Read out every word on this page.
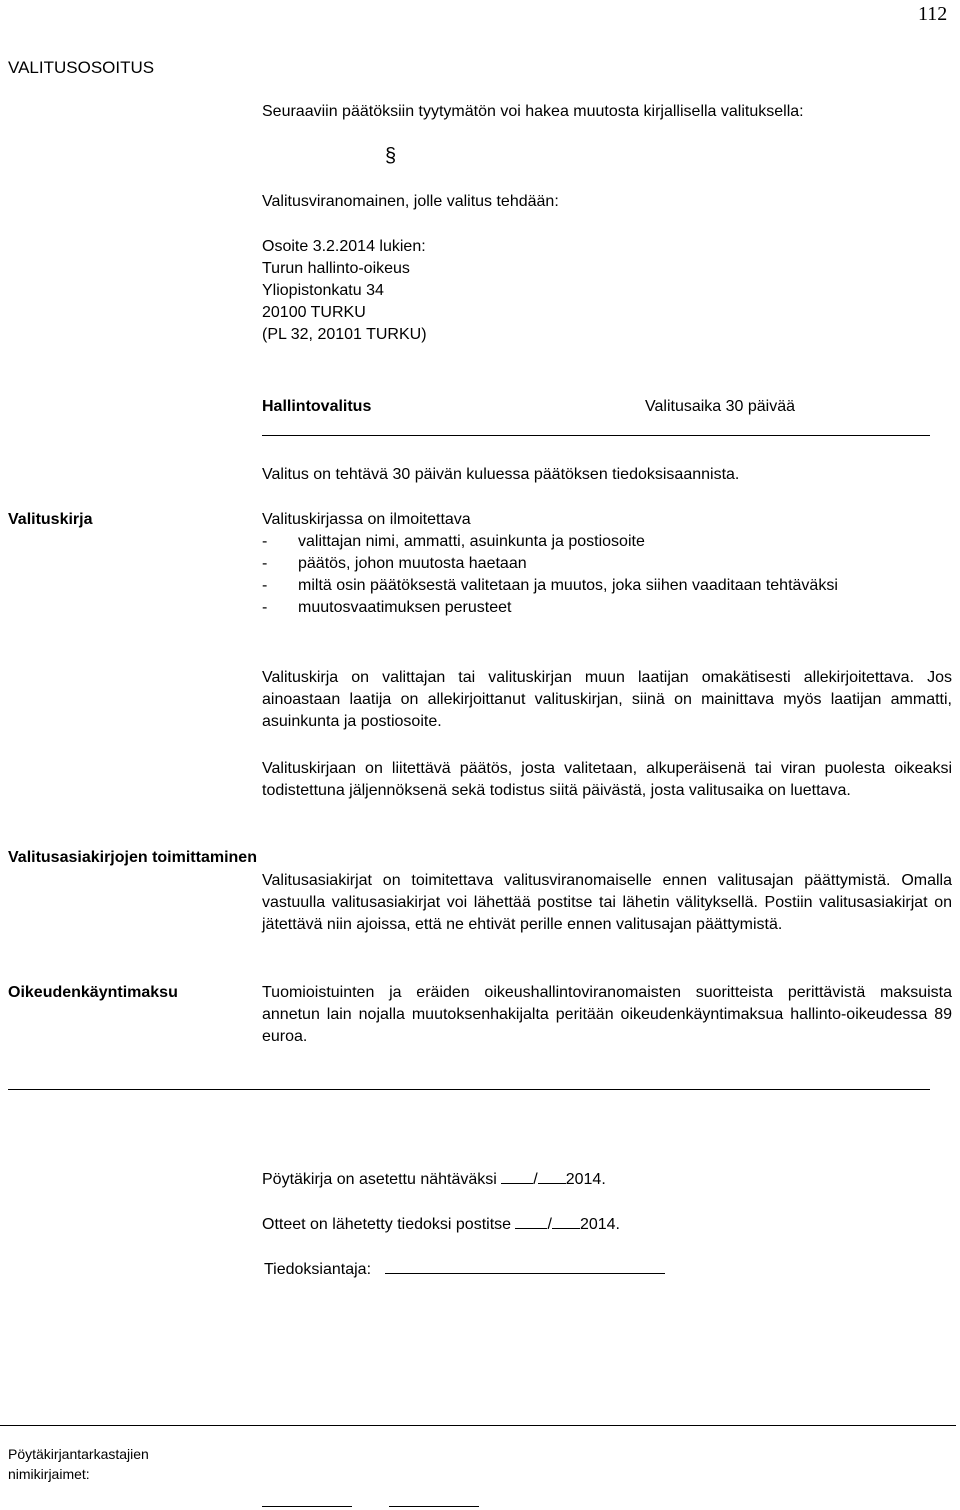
112
VALITUSOSOITUS
Seuraaviin päätöksiin tyytymätön voi hakea muutosta kirjallisella valituksella:
§
Valitusviranomainen, jolle valitus tehdään:
Osoite 3.2.2014 lukien:
Turun hallinto-oikeus
Yliopistonkatu 34
20100 TURKU
(PL 32, 20101 TURKU)
Hallintovalitus	Valitusaika 30 päivää
Valitus on tehtävä 30 päivän kuluessa päätöksen tiedoksisaannista.
Valituskirja	Valituskirjassa on ilmoitettava
- valittajan nimi, ammatti, asuinkunta ja postiosoite
- päätös, johon muutosta haetaan
- miltä osin päätöksestä valitetaan ja muutos, joka siihen vaaditaan tehtäväksi
- muutosvaatimuksen perusteet
Valituskirja on valittajan tai valituskirjan muun laatijan omakätisesti allekirjoitettava. Jos ainoastaan laatija on allekirjoittanut valituskirjan, siinä on mainittava myös laatijan ammatti, asuinkunta ja postiosoite.
Valituskirjaan on liitettävä päätös, josta valitetaan, alkuperäisenä tai viran puolesta oikeaksi todistettuna jäljennöksenä sekä todistus siitä päivästä, josta valitusaika on luettava.
Valitusasiakirjojen toimittaminen
Valitusasiakirjat on toimitettava valitusviranomaiselle ennen valitusajan päättymistä. Omalla vastuulla valitusasiakirjat voi lähettää postitse tai lähetin välityksellä. Postiin valitusasiakirjat on jätettävä niin ajoissa, että ne ehtivät perille ennen valitusajan päättymistä.
Oikeudenkäyntimaksu	Tuomioistuinten ja eräiden oikeushallintoviranomaisten suoritteista perittävistä maksuista annetun lain nojalla muutoksenhakijalta peritään oikeudenkäyntimaksua hallinto-oikeudessa 89 euroa.
Pöytäkirja on asetettu nähtäväksi / 2014.
Otteet on lähetetty tiedoksi postitse / 2014.
Tiedoksiantaja:
Pöytäkirjantarkastajien
nimikirjaimet:
